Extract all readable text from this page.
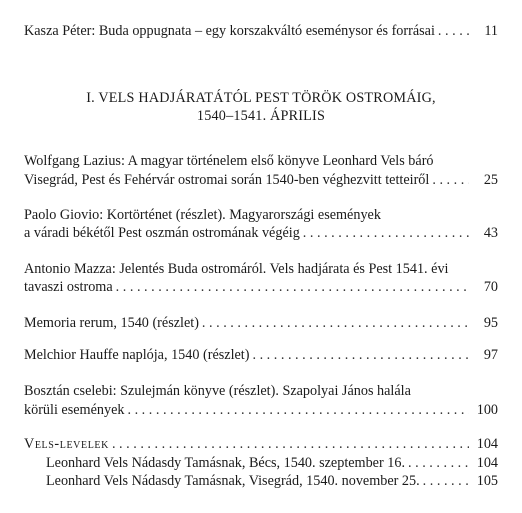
Kasza Péter: Buda oppugnata – egy korszakváltó eseménysor és forrásai . . .	11
I. VELS HADJÁRATÁTÓL PEST TÖRÖK OSTROMÁIG,
1540–1541. ÁPRILIS
Wolfgang Lazius: A magyar történelem első könyve Leonhard Vels báró
Visegrád, Pest és Fehérvár ostromai során 1540-ben véghezvitt tetteiről . . .	25
Paolo Giovio: Kortörténet (részlet). Magyarországi események
a váradi békétől Pest oszmán ostromának végéig . . .	43
Antonio Mazza: Jelentés Buda ostromáról. Vels hadjárata és Pest 1541. évi
tavaszi ostroma . . .	70
Memoria rerum, 1540 (részlet) . . .	95
Melchior Hauffe naplója, 1540 (részlet) . . .	97
Bosztán cselebi: Szulejmán könyve (részlet). Szapolyai János halála
körüli események . . .	100
Vels-levelek . . .	104
Leonhard Vels Nádasdy Tamásnak, Bécs, 1540. szeptember 16. . . .	104
Leonhard Vels Nádasdy Tamásnak, Visegrád, 1540. november 25. . . .	105
